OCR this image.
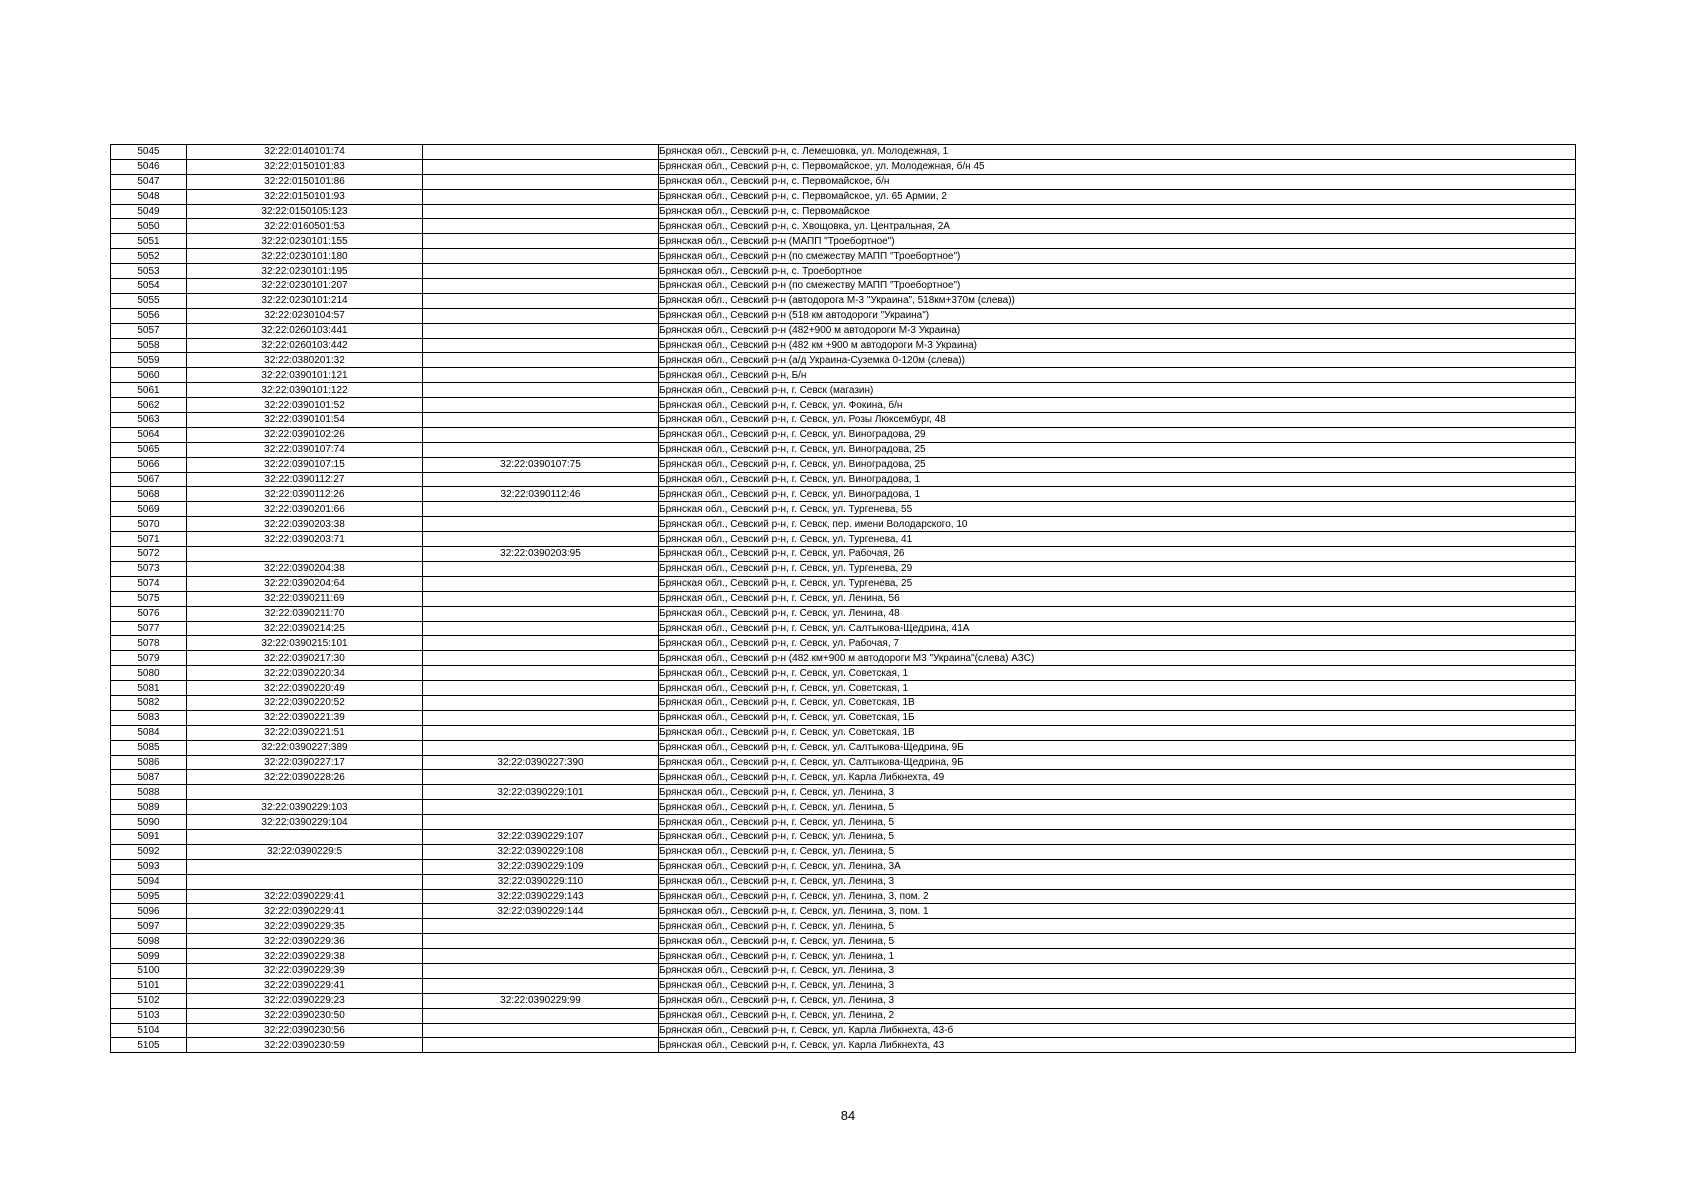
5045	32:22:0140101:74		Брянская обл., Севский р-н, с. Лемешовка, ул. Молодежная, 1
5046	32:22:0150101:83		Брянская обл., Севский р-н, с. Первомайское, ул. Молодежная, б/н 45
5047	32:22:0150101:86		Брянская обл., Севский р-н, с. Первомайское, б/н
5048	32:22:0150101:93		Брянская обл., Севский р-н, с. Первомайское, ул. 65 Армии, 2
5049	32:22:0150105:123		Брянская обл., Севский р-н, с. Первомайское
5050	32:22:0160501:53		Брянская обл., Севский р-н, с. Хвощовка, ул. Центральная, 2А
5051	32:22:0230101:155		Брянская обл., Севский р-н (МАПП "Троебортное")
5052	32:22:0230101:180		Брянская обл., Севский р-н (по смежеству МАПП "Троебортное")
5053	32:22:0230101:195		Брянская обл., Севский р-н, с. Троебортное
5054	32:22:0230101:207		Брянская обл., Севский р-н (по смежеству МАПП "Троебортное")
5055	32:22:0230101:214		Брянская обл., Севский р-н (автодорога М-3 "Украина", 518км+370м (слева))
5056	32:22:0230104:57		Брянская обл., Севский р-н (518 км автодороги "Украина")
5057	32:22:0260103:441		Брянская обл., Севский р-н (482+900 м автодороги М-3 Украина)
5058	32:22:0260103:442		Брянская обл., Севский р-н (482 км +900 м автодороги М-3 Украина)
5059	32:22:0380201:32		Брянская обл., Севский р-н (а/д Украина-Суземка 0-120м (слева))
5060	32:22:0390101:121		Брянская обл., Севский р-н, Б/н
5061	32:22:0390101:122		Брянская обл., Севский р-н, г. Севск (магазин)
5062	32:22:0390101:52		Брянская обл., Севский р-н, г. Севск, ул. Фокина, б/н
5063	32:22:0390101:54		Брянская обл., Севский р-н, г. Севск, ул. Розы Люксембург, 48
5064	32:22:0390102:26		Брянская обл., Севский р-н, г. Севск, ул. Виноградова, 29
5065	32:22:0390107:74		Брянская обл., Севский р-н, г. Севск, ул. Виноградова, 25
5066	32:22:0390107:15	32:22:0390107:75	Брянская обл., Севский р-н, г. Севск, ул. Виноградова, 25
5067	32:22:0390112:27		Брянская обл., Севский р-н, г. Севск, ул. Виноградова, 1
5068	32:22:0390112:26	32:22:0390112:46	Брянская обл., Севский р-н, г. Севск, ул. Виноградова, 1
5069	32:22:0390201:66		Брянская обл., Севский р-н, г. Севск, ул. Тургенева, 55
5070	32:22:0390203:38		Брянская обл., Севский р-н, г. Севск, пер. имени Володарского, 10
5071	32:22:0390203:71		Брянская обл., Севский р-н, г. Севск, ул. Тургенева, 41
5072		32:22:0390203:95	Брянская обл., Севский р-н, г. Севск, ул. Рабочая, 26
5073	32:22:0390204:38		Брянская обл., Севский р-н, г. Севск, ул. Тургенева, 29
5074	32:22:0390204:64		Брянская обл., Севский р-н, г. Севск, ул. Тургенева, 25
5075	32:22:0390211:69		Брянская обл., Севский р-н, г. Севск, ул. Ленина, 56
5076	32:22:0390211:70		Брянская обл., Севский р-н, г. Севск, ул. Ленина, 48
5077	32:22:0390214:25		Брянская обл., Севский р-н, г. Севск, ул. Салтыкова-Щедрина, 41А
5078	32:22:0390215:101		Брянская обл., Севский р-н, г. Севск, ул. Рабочая, 7
5079	32:22:0390217:30		Брянская обл., Севский р-н (482 км+900 м автодороги М3 "Украина"(слева) АЗС)
5080	32:22:0390220:34		Брянская обл., Севский р-н, г. Севск, ул. Советская, 1
5081	32:22:0390220:49		Брянская обл., Севский р-н, г. Севск, ул. Советская, 1
5082	32:22:0390220:52		Брянская обл., Севский р-н, г. Севск, ул. Советская, 1В
5083	32:22:0390221:39		Брянская обл., Севский р-н, г. Севск, ул. Советская, 1Б
5084	32:22:0390221:51		Брянская обл., Севский р-н, г. Севск, ул. Советская, 1В
5085	32:22:0390227:389		Брянская обл., Севский р-н, г. Севск, ул. Салтыкова-Щедрина, 9Б
5086	32:22:0390227:17	32:22:0390227:390	Брянская обл., Севский р-н, г. Севск, ул. Салтыкова-Щедрина, 9Б
5087	32:22:0390228:26		Брянская обл., Севский р-н, г. Севск, ул. Карла Либкнехта, 49
5088		32:22:0390229:101	Брянская обл., Севский р-н, г. Севск, ул. Ленина, 3
5089	32:22:0390229:103		Брянская обл., Севский р-н, г. Севск, ул. Ленина, 5
5090	32:22:0390229:104		Брянская обл., Севский р-н, г. Севск, ул. Ленина, 5
5091		32:22:0390229:107	Брянская обл., Севский р-н, г. Севск, ул. Ленина, 5
5092	32:22:0390229:5	32:22:0390229:108	Брянская обл., Севский р-н, г. Севск, ул. Ленина, 5
5093		32:22:0390229:109	Брянская обл., Севский р-н, г. Севск, ул. Ленина, 3А
5094		32:22:0390229:110	Брянская обл., Севский р-н, г. Севск, ул. Ленина, 3
5095	32:22:0390229:41	32:22:0390229:143	Брянская обл., Севский р-н, г. Севск, ул. Ленина, 3, пом. 2
5096	32:22:0390229:41	32:22:0390229:144	Брянская обл., Севский р-н, г. Севск, ул. Ленина, 3, пом. 1
5097	32:22:0390229:35		Брянская обл., Севский р-н, г. Севск, ул. Ленина, 5
5098	32:22:0390229:36		Брянская обл., Севский р-н, г. Севск, ул. Ленина, 5
5099	32:22:0390229:38		Брянская обл., Севский р-н, г. Севск, ул. Ленина, 1
5100	32:22:0390229:39		Брянская обл., Севский р-н, г. Севск, ул. Ленина, 3
5101	32:22:0390229:41		Брянская обл., Севский р-н, г. Севск, ул. Ленина, 3
5102	32:22:0390229:23	32:22:0390229:99	Брянская обл., Севский р-н, г. Севск, ул. Ленина, 3
5103	32:22:0390230:50		Брянская обл., Севский р-н, г. Севск, ул. Ленина, 2
5104	32:22:0390230:56		Брянская обл., Севский р-н, г. Севск, ул. Карла Либкнехта, 43-б
5105	32:22:0390230:59		Брянская обл., Севский р-н, г. Севск, ул. Карла Либкнехта, 43
84
